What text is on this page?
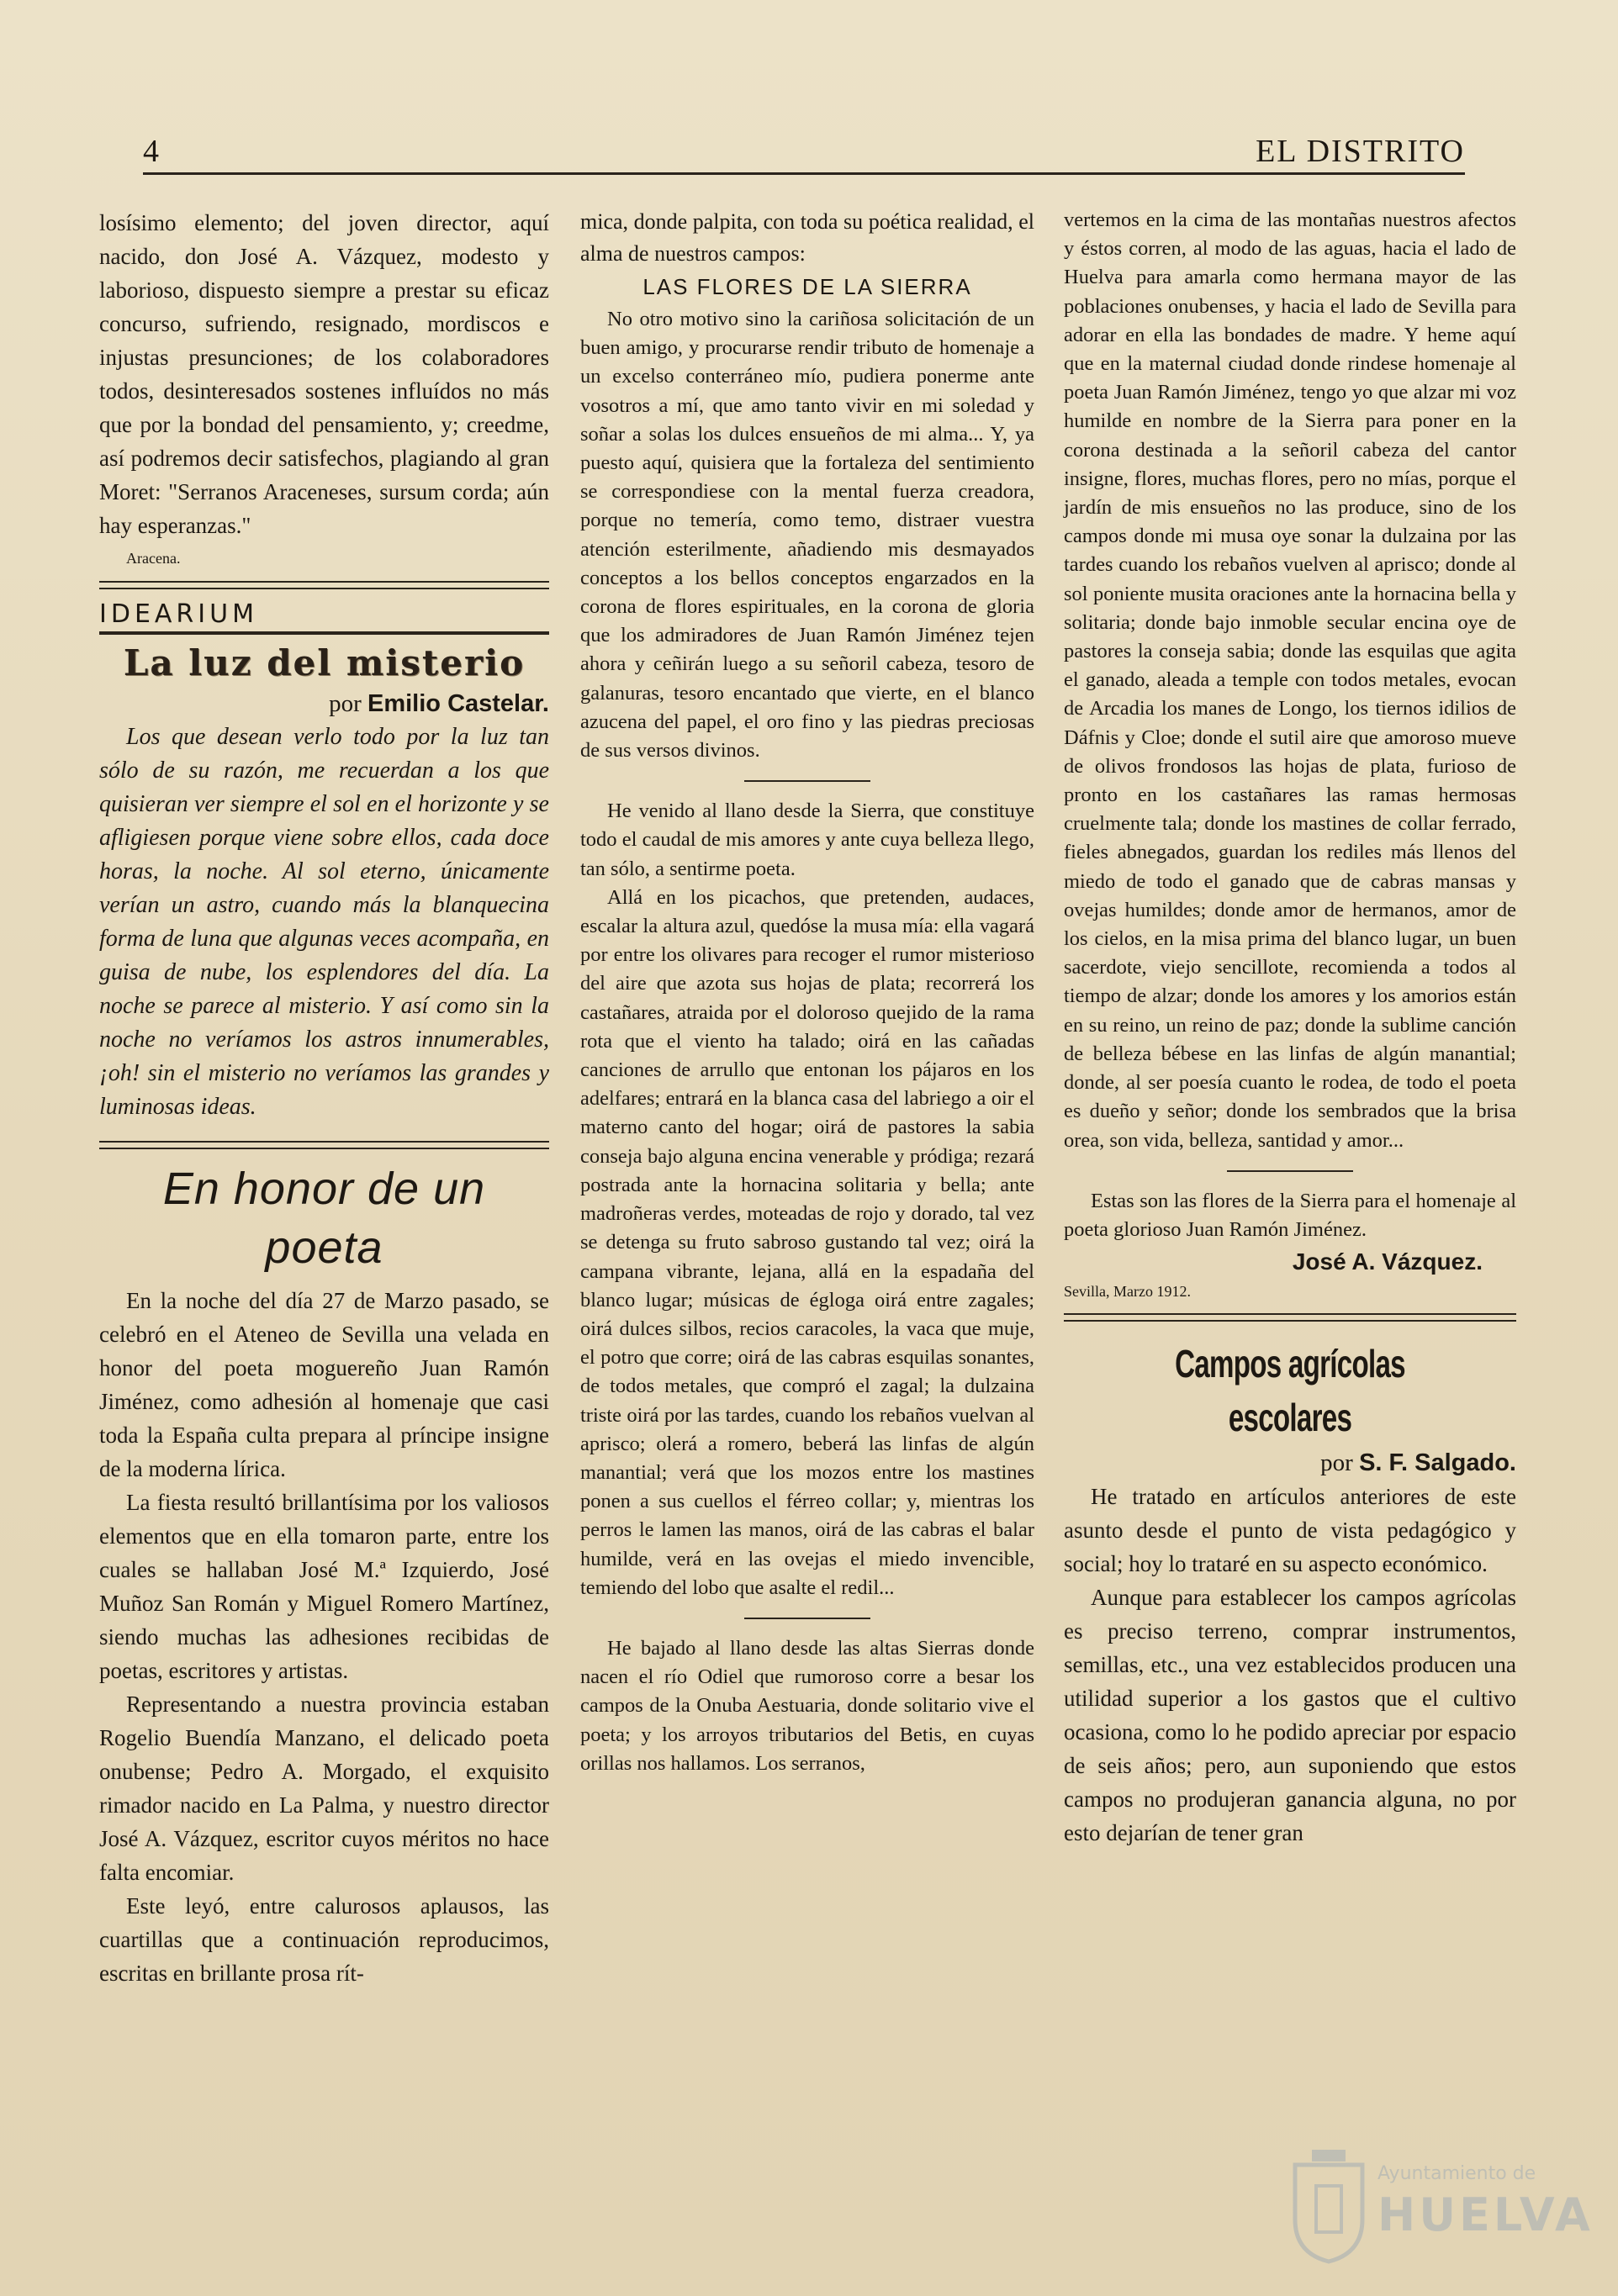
4	EL DISTRITO

losísimo elemento; del joven director, aquí nacido, don José A. Vázquez, modesto y laborioso, dispuesto siempre a prestar su eficaz concurso, sufriendo, resignado, mordiscos e injustas presunciones; de los colaboradores todos, desinteresados sostenes influídos no más que por la bondad del pensamiento, y; creedme, así podremos decir satisfechos, plagiando al gran Moret: "Serranos Araceneses, sursum corda; aún hay esperanzas."

Aracena.
IDEARIUM
La luz del misterio
por Emilio Castelar.

Los que desean verlo todo por la luz tan sólo de su razón, me recuerdan a los que quisieran ver siempre el sol en el horizonte y se afligiesen porque viene sobre ellos, cada doce horas, la noche. Al sol eterno, únicamente verían un astro, cuando más la blanquecina forma de luna que algunas veces acompaña, en guisa de nube, los esplendores del día. La noche se parece al misterio. Y así como sin la noche no veríamos los astros innumerables, ¡oh! sin el misterio no veríamos las grandes y luminosas ideas.

En honor de un poeta

En la noche del día 27 de Marzo pasado, se celebró en el Ateneo de Sevilla una velada en honor del poeta moguereño Juan Ramón Jiménez, como adhesión al homenaje que casi toda la España culta prepara al príncipe insigne de la moderna lírica.

La fiesta resultó brillantísima por los valiosos elementos que en ella tomaron parte, entre los cuales se hallaban José M.ª Izquierdo, José Muñoz San Román y Miguel Romero Martínez, siendo muchas las adhesiones recibidas de poetas, escritores y artistas.

Representando a nuestra provincia estaban Rogelio Buendía Manzano, el delicado poeta onubense; Pedro A. Morgado, el exquisito rimador nacido en La Palma, y nuestro director José A. Vázquez, escritor cuyos méritos no hace falta encomiar.

Este leyó, entre calurosos aplausos, las cuartillas que a continuación reproducimos, escritas en brillante prosa rít-

mica, donde palpita, con toda su poética realidad, el alma de nuestros campos:

LAS FLORES DE LA SIERRA

No otro motivo sino la cariñosa solicitación de un buen amigo, y procurarse rendir tributo de homenaje a un excelso conterráneo mío, pudiera ponerme ante vosotros a mí, que amo tanto vivir en mi soledad y soñar a solas los dulces ensueños de mi alma... Y, ya puesto aquí, quisiera que la fortaleza del sentimiento se correspondiese con la mental fuerza creadora, porque no temería, como temo, distraer vuestra atención esterilmente, añadiendo mis desmayados conceptos a los bellos conceptos engarzados en la corona de flores espirituales, en la corona de gloria que los admiradores de Juan Ramón Jiménez tejen ahora y ceñirán luego a su señoril cabeza, tesoro de galanuras, tesoro encantado que vierte, en el blanco azucena del papel, el oro fino y las piedras preciosas de sus versos divinos.

He venido al llano desde la Sierra, que constituye todo el caudal de mis amores y ante cuya belleza llego, tan sólo, a sentirme poeta.

Allá en los picachos, que pretenden, audaces, escalar la altura azul, quedóse la musa mía: ella vagará por entre los olivares para recoger el rumor misterioso del aire que azota sus hojas de plata; recorrerá los castañares, atraida por el doloroso quejido de la rama rota que el viento ha talado; oirá en las cañadas canciones de arrullo que entonan los pájaros en los adelfares; entrará en la blanca casa del labriego a oir el materno canto del hogar; oirá de pastores la sabia conseja bajo alguna encina venerable y pródiga; rezará postrada ante la hornacina solitaria y bella; ante madroñeras verdes, moteadas de rojo y dorado, tal vez se detenga su fruto sabroso gustando tal vez; oirá la campana vibrante, lejana, allá en la espadaña del blanco lugar; músicas de égloga oirá entre zagales; oirá dulces silbos, recios caracoles, la vaca que muje, el potro que corre; oirá de las cabras esquilas sonantes, de todos metales, que compró el zagal; la dulzaina triste oirá por las tardes, cuando los rebaños vuelvan al aprisco; olerá a romero, beberá las linfas de algún manantial; verá que los mozos entre los mastines ponen a sus cuellos el férreo collar; y, mientras los perros le lamen las manos, oirá de las cabras el balar humilde, verá en las ovejas el miedo invencible, temiendo del lobo que asalte el redil...

He bajado al llano desde las altas Sierras donde nacen el río Odiel que rumoroso corre a besar los campos de la Onuba Aestuaria, donde solitario vive el poeta; y los arroyos tributarios del Betis, en cuyas orillas nos hallamos. Los serranos,

vertemos en la cima de las montañas nuestros afectos y éstos corren, al modo de las aguas, hacia el lado de Huelva para amarla como hermana mayor de las poblaciones onubenses, y hacia el lado de Sevilla para adorar en ella las bondades de madre. Y heme aquí que en la maternal ciudad donde rindese homenaje al poeta Juan Ramón Jiménez, tengo yo que alzar mi voz humilde en nombre de la Sierra para poner en la corona destinada a la señoril cabeza del cantor insigne, flores, muchas flores, pero no mías, porque el jardín de mis ensueños no las produce, sino de los campos donde mi musa oye sonar la dulzaina por las tardes cuando los rebaños vuelven al aprisco; donde al sol poniente musita oraciones ante la hornacina bella y solitaria; donde bajo inmoble secular encina oye de pastores la conseja sabia; donde las esquilas que agita el ganado, aleada a temple con todos metales, evocan de Arcadia los manes de Longo, los tiernos idilios de Dáfnis y Cloe; donde el sutil aire que amoroso mueve de olivos frondosos las hojas de plata, furioso de pronto en los castañares las ramas hermosas cruelmente tala; donde los mastines de collar ferrado, fieles abnegados, guardan los rediles más llenos del miedo de todo el ganado que de cabras mansas y ovejas humildes; donde amor de hermanos, amor de los cielos, en la misa prima del blanco lugar, un buen sacerdote, viejo sencillote, recomienda a todos al tiempo de alzar; donde los amores y los amorios están en su reino, un reino de paz; donde la sublime canción de belleza bébese en las linfas de algún manantial; donde, al ser poesía cuanto le rodea, de todo el poeta es dueño y señor; donde los sembrados que la brisa orea, son vida, belleza, santidad y amor...

Estas son las flores de la Sierra para el homenaje al poeta glorioso Juan Ramón Jiménez.

José A. Vázquez.
Sevilla, Marzo 1912.
Campos agrícolas escolares
por S. F. Salgado.

He tratado en artículos anteriores de este asunto desde el punto de vista pedagógico y social; hoy lo trataré en su aspecto económico.

Aunque para establecer los campos agrícolas es preciso terreno, comprar instrumentos, semillas, etc., una vez establecidos producen una utilidad superior a los gastos que el cultivo ocasiona, como lo he podido apreciar por espacio de seis años; pero, aun suponiendo que estos campos no produjeran ganancia alguna, no por esto dejarían de tener gran

Ayuntamiento de
HUELVA
